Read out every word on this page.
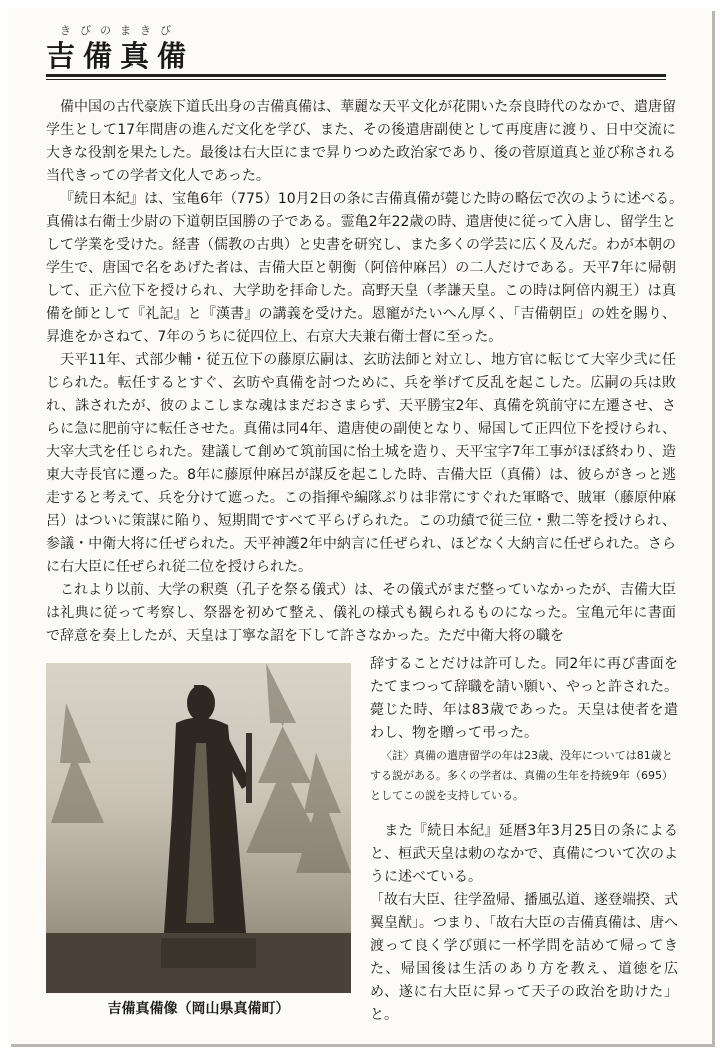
きびのまきび
吉備真備

備中国の古代豪族下道氏出身の吉備真備は、華麗な天平文化が花開いた奈良時代のなかで、遣唐留学生として17年間唐の進んだ文化を学び、また、その後遣唐副使として再度唐に渡り、日中交流に大きな役割を果たした。最後は右大臣にまで昇りつめた政治家であり、後の菅原道真と並び称される当代きっての学者文化人であった。

『続日本紀』は、宝亀6年（775）10月2日の条に吉備真備が薨じた時の略伝で次のように述べる。　真備は右衛士少尉の下道朝臣国勝の子である。霊亀2年22歳の時、遣唐使に従って入唐し、留学生として学業を受けた。経書（儒教の古典）と史書を研究し、また多くの学芸に広く及んだ。わが本朝の学生で、唐国で名をあげた者は、吉備大臣と朝衡（阿倍仲麻呂）の二人だけである。天平7年に帰朝して、正六位下を授けられ、大学助を拝命した。高野天皇（孝謙天皇。この時は阿倍内親王）は真備を師として『礼記』と『漢書』の講義を受けた。恩寵がたいへん厚く、「吉備朝臣」の姓を賜り、昇進をかさねて、7年のうちに従四位上、右京大夫兼右衛士督に至った。

天平11年、式部少輔・従五位下の藤原広嗣は、玄昉法師と対立し、地方官に転じて大宰少弐に任じられた。転任するとすぐ、玄昉や真備を討つために、兵を挙げて反乱を起こした。広嗣の兵は敗れ、誅されたが、彼のよこしまな魂はまだおさまらず、天平勝宝2年、真備を筑前守に左遷させ、さらに急に肥前守に転任させた。真備は同4年、遣唐使の副使となり、帰国して正四位下を授けられ、大宰大弐を任じられた。建議して創めて筑前国に怡土城を造り、天平宝字7年工事がほぼ終わり、造東大寺長官に遷った。8年に藤原仲麻呂が謀反を起こした時、吉備大臣（真備）は、彼らがきっと逃走すると考えて、兵を分けて遮った。この指揮や編隊ぶりは非常にすぐれた軍略で、賊軍（藤原仲麻呂）はついに策謀に陥り、短期間ですべて平らげられた。この功績で従三位・勲二等を授けられ、参議・中衛大将に任ぜられた。天平神護2年中納言に任ぜられ、ほどなく大納言に任ぜられた。さらに右大臣に任ぜられ従二位を授けられた。

これより以前、大学の釈奠（孔子を祭る儀式）は、その儀式がまだ整っていなかったが、吉備大臣は礼典に従って考察し、祭器を初めて整え、儀礼の様式も観られるものになった。宝亀元年に書面で辞意を奏上したが、天皇は丁寧な詔を下して許さなかった。ただ中衛大将の職を

吉備真備像（岡山県真備町）

辞することだけは許可した。同2年に再び書面をたてまつって辞職を請い願い、やっと許された。薨じた時、年は83歳であった。天皇は使者を遣わし、物を贈って弔った。

〈註〉真備の遣唐留学の年は23歳、没年については81歳とする説がある。多くの学者は、真備の生年を持統9年（695）としてこの説を支持している。

　また『続日本紀』延暦3年3月25日の条によると、桓武天皇は勅のなかで、真備について次のように述べている。

「故右大臣、往学盈帰、播風弘道、遂登端揆、式翼皇猷」。つまり、「故右大臣の吉備真備は、唐へ渡って良く学び頭に一杯学問を詰めて帰ってきた、帰国後は生活のあり方を教え、道徳を広め、遂に右大臣に昇って天子の政治を助けた」と。
